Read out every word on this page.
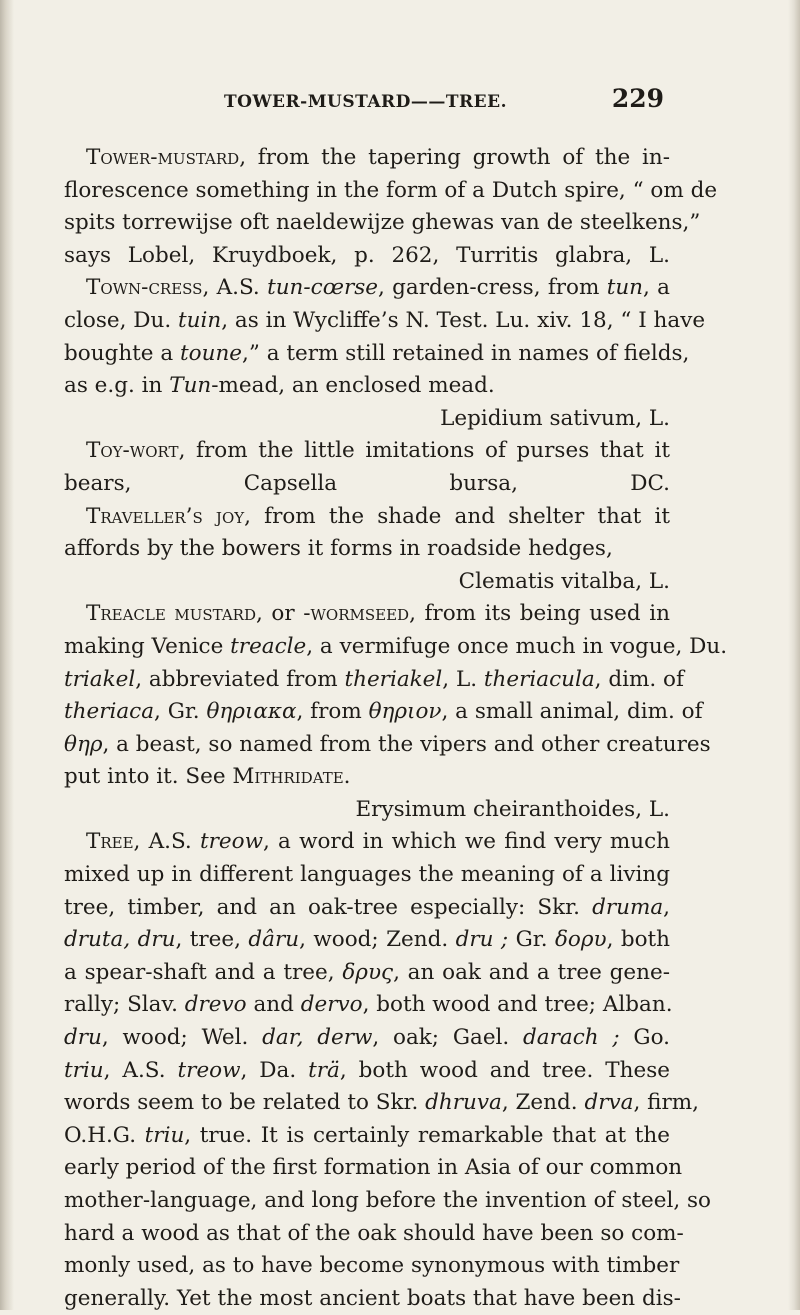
TOWER-MUSTARD——TREE.	229
Tower-mustard, from the tapering growth of the in-
florescence something in the form of a Dutch spire, “ om de
spits torrewijse oft naeldewijze ghewas van de steelkens,”
says Lobel, Kruydboek, p. 262, Turritis glabra, L.
Town-cress, A.S. tun-cœrse, garden-cress, from tun, a
close, Du. tuin, as in Wycliffe’s N. Test. Lu. xiv. 18, “ I have
boughte a toune,” a term still retained in names of fields,
as e.g. in Tun-mead, an enclosed mead.
Lepidium sativum, L.
Toy-wort, from the little imitations of purses that it
bears, Capsella bursa, DC.
Traveller’s joy, from the shade and shelter that it
affords by the bowers it forms in roadside hedges,
Clematis vitalba, L.
Treacle mustard, or -wormseed, from its being used in
making Venice treacle, a vermifuge once much in vogue, Du.
triakel, abbreviated from theriakel, L. theriacula, dim. of
theriaca, Gr. θηριακα, from θηριον, a small animal, dim. of
θηρ, a beast, so named from the vipers and other creatures
put into it. See Mithridate.
Erysimum cheiranthoides, L.
Tree, A.S. treow, a word in which we find very much
mixed up in different languages the meaning of a living
tree, timber, and an oak-tree especially: Skr. druma,
druta, dru, tree, dâru, wood; Zend. dru ; Gr. δορυ, both
a spear-shaft and a tree, δρυς, an oak and a tree gene-
rally; Slav. drevo and dervo, both wood and tree; Alban.
dru, wood; Wel. dar, derw, oak; Gael. darach ; Go.
triu, A.S. treow, Da. trä, both wood and tree. These
words seem to be related to Skr. dhruva, Zend. drva, firm,
O.H.G. triu, true. It is certainly remarkable that at the
early period of the first formation in Asia of our common
mother-language, and long before the invention of steel, so
hard a wood as that of the oak should have been so com-
monly used, as to have become synonymous with timber
generally. Yet the most ancient boats that have been dis-
